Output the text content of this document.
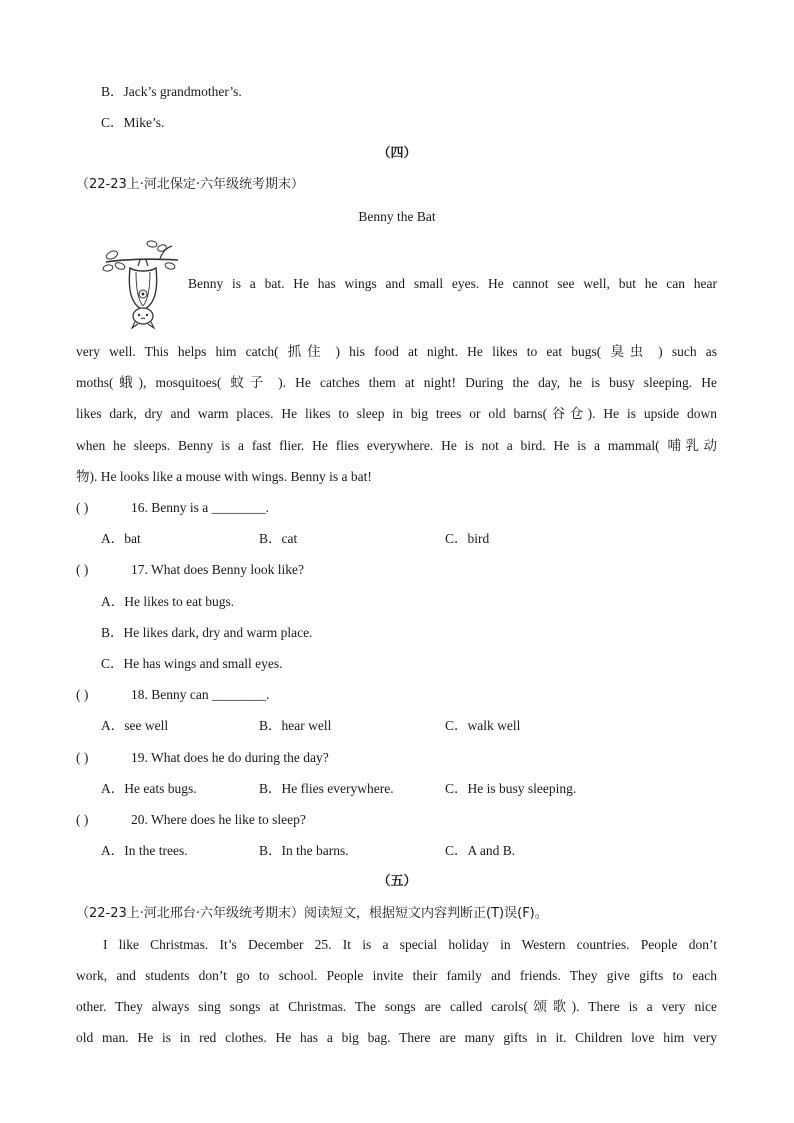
B．Jack’s grandmother’s.
C．Mike’s.
（四）
（22-23上·河北保定·六年级统考期末）
Benny the Bat
Benny is a bat. He has wings and small eyes. He cannot see well, but he can hear
very well. This helps him catch( 抓住 ) his food at night. He likes to eat bugs( 臭虫 ) such as
moths(蛾), mosquitoes( 蚊子 ). He catches them at night! During the day, he is busy sleeping. He
likes dark, dry and warm places. He likes to sleep in big trees or old barns(谷仓). He is upside down
when he sleeps. Benny is a fast flier. He flies everywhere. He is not a bird. He is a mammal( 哺乳动
物). He looks like a mouse with wings. Benny is a bat!
( )	16. Benny is a ________.
A．bat	B．cat	C．bird
( )	17. What does Benny look like?
A．He likes to eat bugs.
B．He likes dark, dry and warm place.
C．He has wings and small eyes.
( )	18. Benny can ________.
A．see well	B．hear well	C．walk well
( )	19. What does he do during the day?
A．He eats bugs.	B．He flies everywhere.	C．He is busy sleeping.
( )	20. Where does he like to sleep?
A．In the trees.	B．In the barns.	C．A and B.
（五）
（22-23上·河北邢台·六年级统考期末）阅读短文，根据短文内容判断正(T)误(F)。
I like Christmas. It’s December 25. It is a special holiday in Western countries. People don’t
work, and students don’t go to school. People invite their family and friends. They give gifts to each
other. They always sing songs at Christmas. The songs are called carols(颂歌). There is a very nice
old man. He is in red clothes. He has a big bag. There are many gifts in it. Children love him very
